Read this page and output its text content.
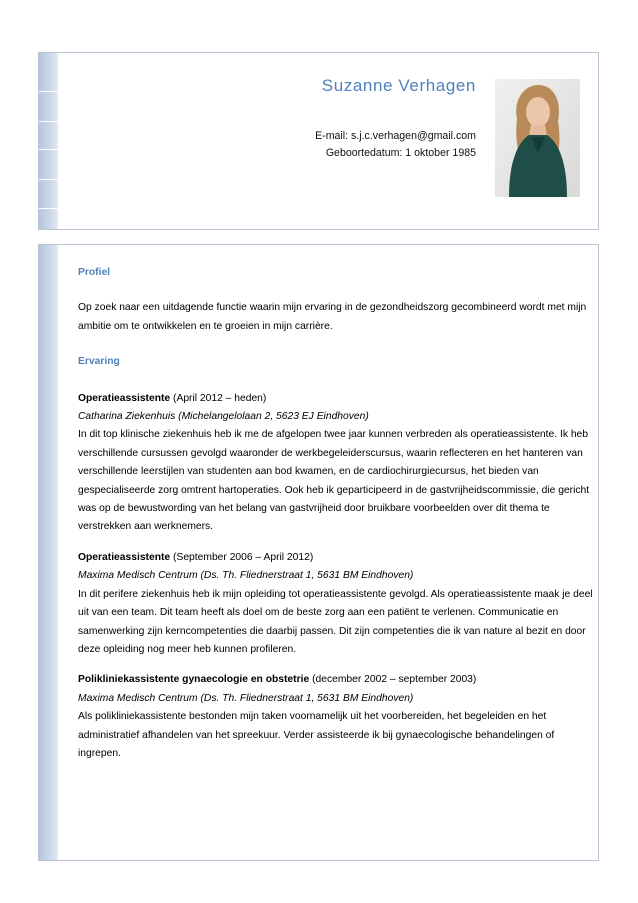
Suzanne Verhagen
E-mail: s.j.c.verhagen@gmail.com
Geboortedatum: 1 oktober 1985

Profiel

Op zoek naar een uitdagende functie waarin mijn ervaring in de gezondheidszorg gecombineerd wordt met mijn ambitie om te ontwikkelen en te groeien in mijn carrière.

Ervaring

Operatieassistente (April 2012 – heden)

Catharina Ziekenhuis (Michelangelolaan 2, 5623 EJ Eindhoven)

In dit top klinische ziekenhuis heb ik me de afgelopen twee jaar kunnen verbreden als operatieassistente. Ik heb verschillende cursussen gevolgd waaronder de werkbegeleiderscursus, waarin reflecteren en het hanteren van verschillende leerstijlen van studenten aan bod kwamen, en de cardiochirurgiecursus, het bieden van gespecialiseerde zorg omtrent hartoperaties. Ook heb ik geparticipeerd in de gastvrijheidscommissie, die gericht was op de bewustwording van het belang van gastvrijheid door bruikbare voorbeelden over dit thema te verstrekken aan werknemers.

Operatieassistente (September 2006 – April 2012)

Maxima Medisch Centrum (Ds. Th. Fliednerstraat 1, 5631 BM Eindhoven)

In dit perifere ziekenhuis heb ik mijn opleiding tot operatieassistente gevolgd. Als operatieassistente maak je deel uit van een team. Dit team heeft als doel om de beste zorg aan een patiënt te verlenen. Communicatie en samenwerking zijn kerncompetenties die daarbij passen. Dit zijn competenties die ik van nature al bezit en door deze opleiding nog meer heb kunnen profileren.

Polikliniekassistente gynaecologie en obstetrie (december 2002 – september 2003)

Maxima Medisch Centrum (Ds. Th. Fliednerstraat 1, 5631 BM Eindhoven)

Als polikliniekassistente bestonden mijn taken voornamelijk uit het voorbereiden, het begeleiden en het administratief afhandelen van het spreekuur. Verder assisteerde ik bij gynaecologische behandelingen of ingrepen.
